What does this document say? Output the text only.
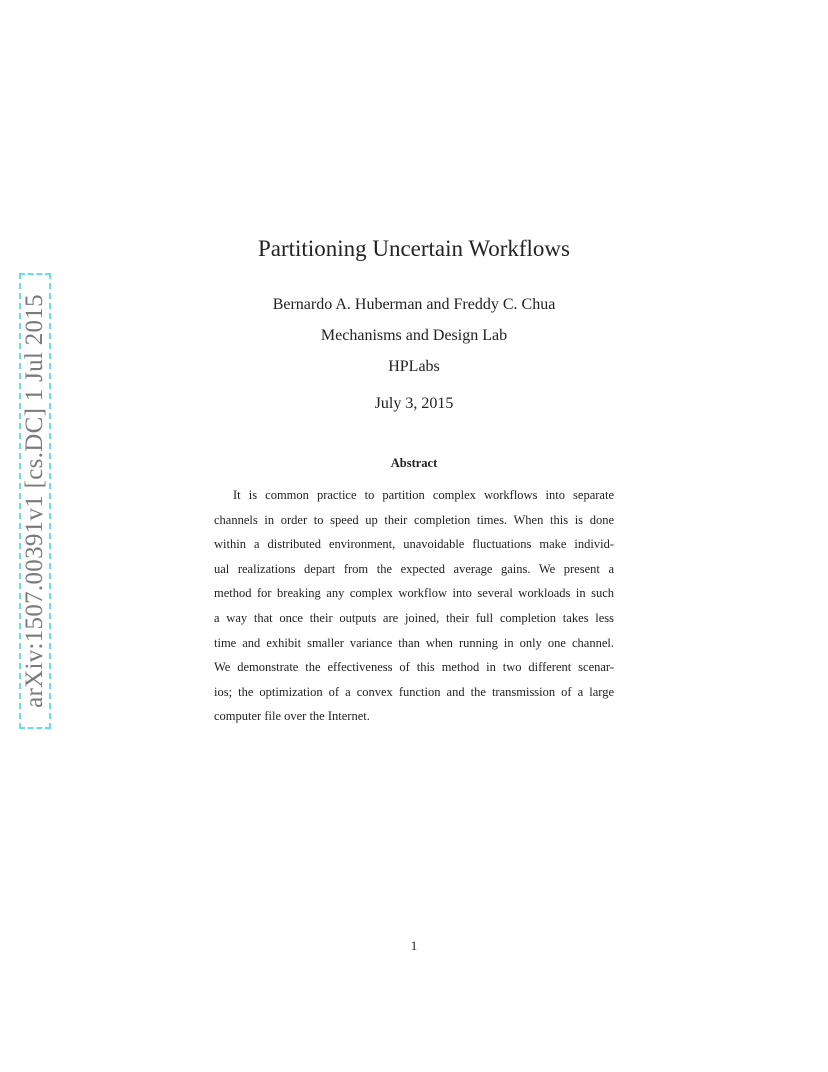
arXiv:1507.00391v1 [cs.DC] 1 Jul 2015
Partitioning Uncertain Workflows
Bernardo A. Huberman and Freddy C. Chua
Mechanisms and Design Lab
HPLabs
July 3, 2015
Abstract
It is common practice to partition complex workflows into separate
channels in order to speed up their completion times. When this is done
within a distributed environment, unavoidable fluctuations make individ-
ual realizations depart from the expected average gains. We present a
method for breaking any complex workflow into several workloads in such
a way that once their outputs are joined, their full completion takes less
time and exhibit smaller variance than when running in only one channel.
We demonstrate the effectiveness of this method in two different scenar-
ios; the optimization of a convex function and the transmission of a large
computer file over the Internet.
1
